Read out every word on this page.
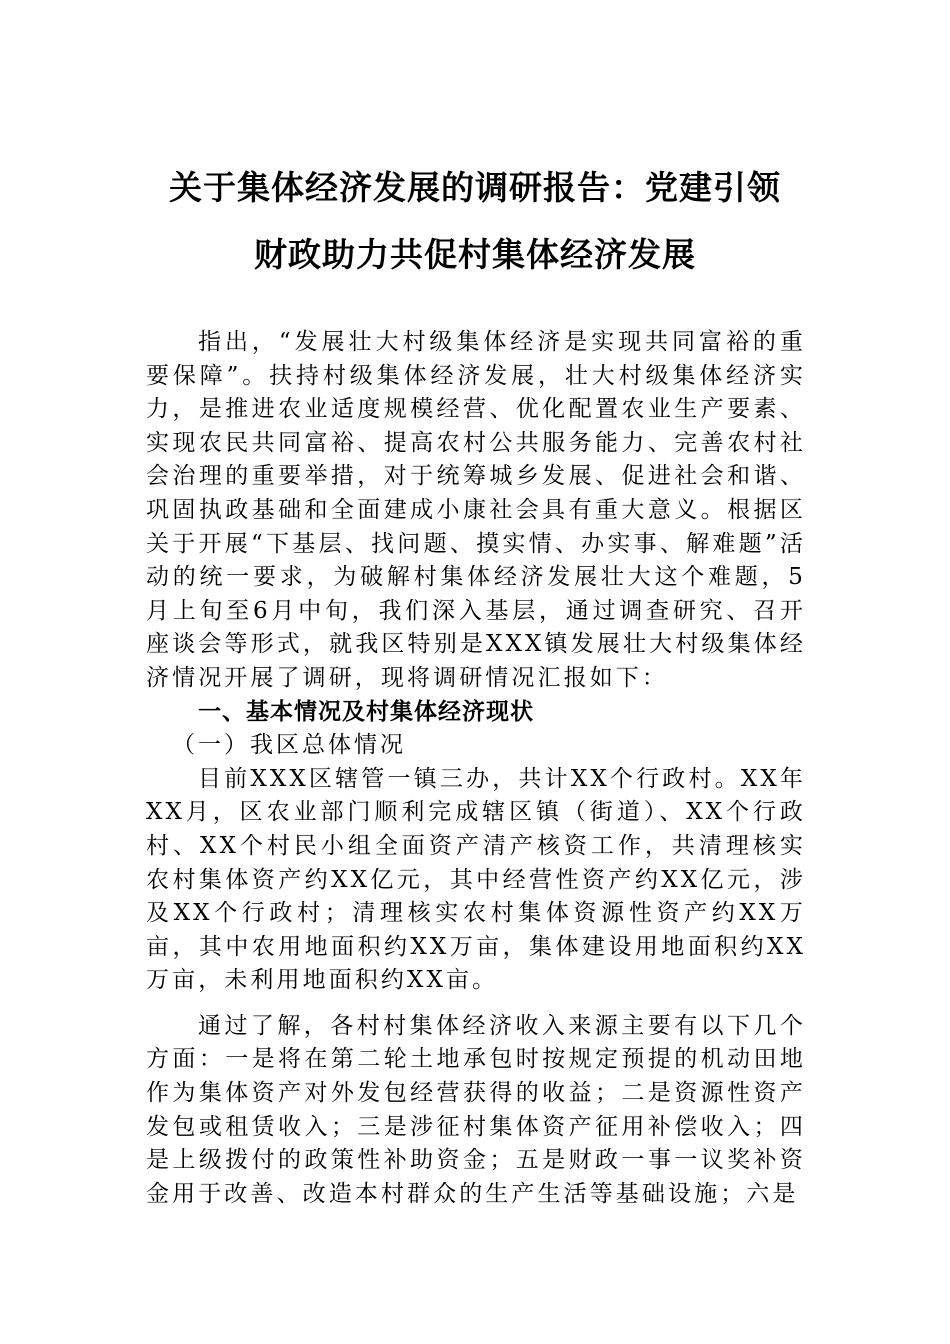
关于集体经济发展的调研报告：党建引领
财政助力共促村集体经济发展

指出，“发展壮大村级集体经济是实现共同富裕的重要保障”。扶持村级集体经济发展，壮大村级集体经济实力，是推进农业适度规模经营、优化配置农业生产要素、实现农民共同富裕、提高农村公共服务能力、完善农村社会治理的重要举措，对于统筹城乡发展、促进社会和谐、巩固执政基础和全面建成小康社会具有重大意义。根据区关于开展“下基层、找问题、摸实情、办实事、解难题”活动的统一要求，为破解村集体经济发展壮大这个难题，5月上旬至6月中旬，我们深入基层，通过调查研究、召开座谈会等形式，就我区特别是XXX镇发展壮大村级集体经济情况开展了调研，现将调研情况汇报如下：

一、基本情况及村集体经济现状

（一）我区总体情况

目前XXX区辖管一镇三办，共计XX个行政村。XX年XX月，区农业部门顺利完成辖区镇（街道）、XX个行政村、XX个村民小组全面资产清产核资工作，共清理核实农村集体资产约XX亿元，其中经营性资产约XX亿元，涉及XX个行政村；清理核实农村集体资源性资产约XX万亩，其中农用地面积约XX万亩，集体建设用地面积约XX万亩，未利用地面积约XX亩。

通过了解，各村村集体经济收入来源主要有以下几个方面：一是将在第二轮土地承包时按规定预提的机动田地作为集体资产对外发包经营获得的收益；二是资源性资产发包或租赁收入；三是涉征村集体资产征用补偿收入；四是上级拨付的政策性补助资金；五是财政一事一议奖补资金用于改善、改造本村群众的生产生活等基础设施；六是
